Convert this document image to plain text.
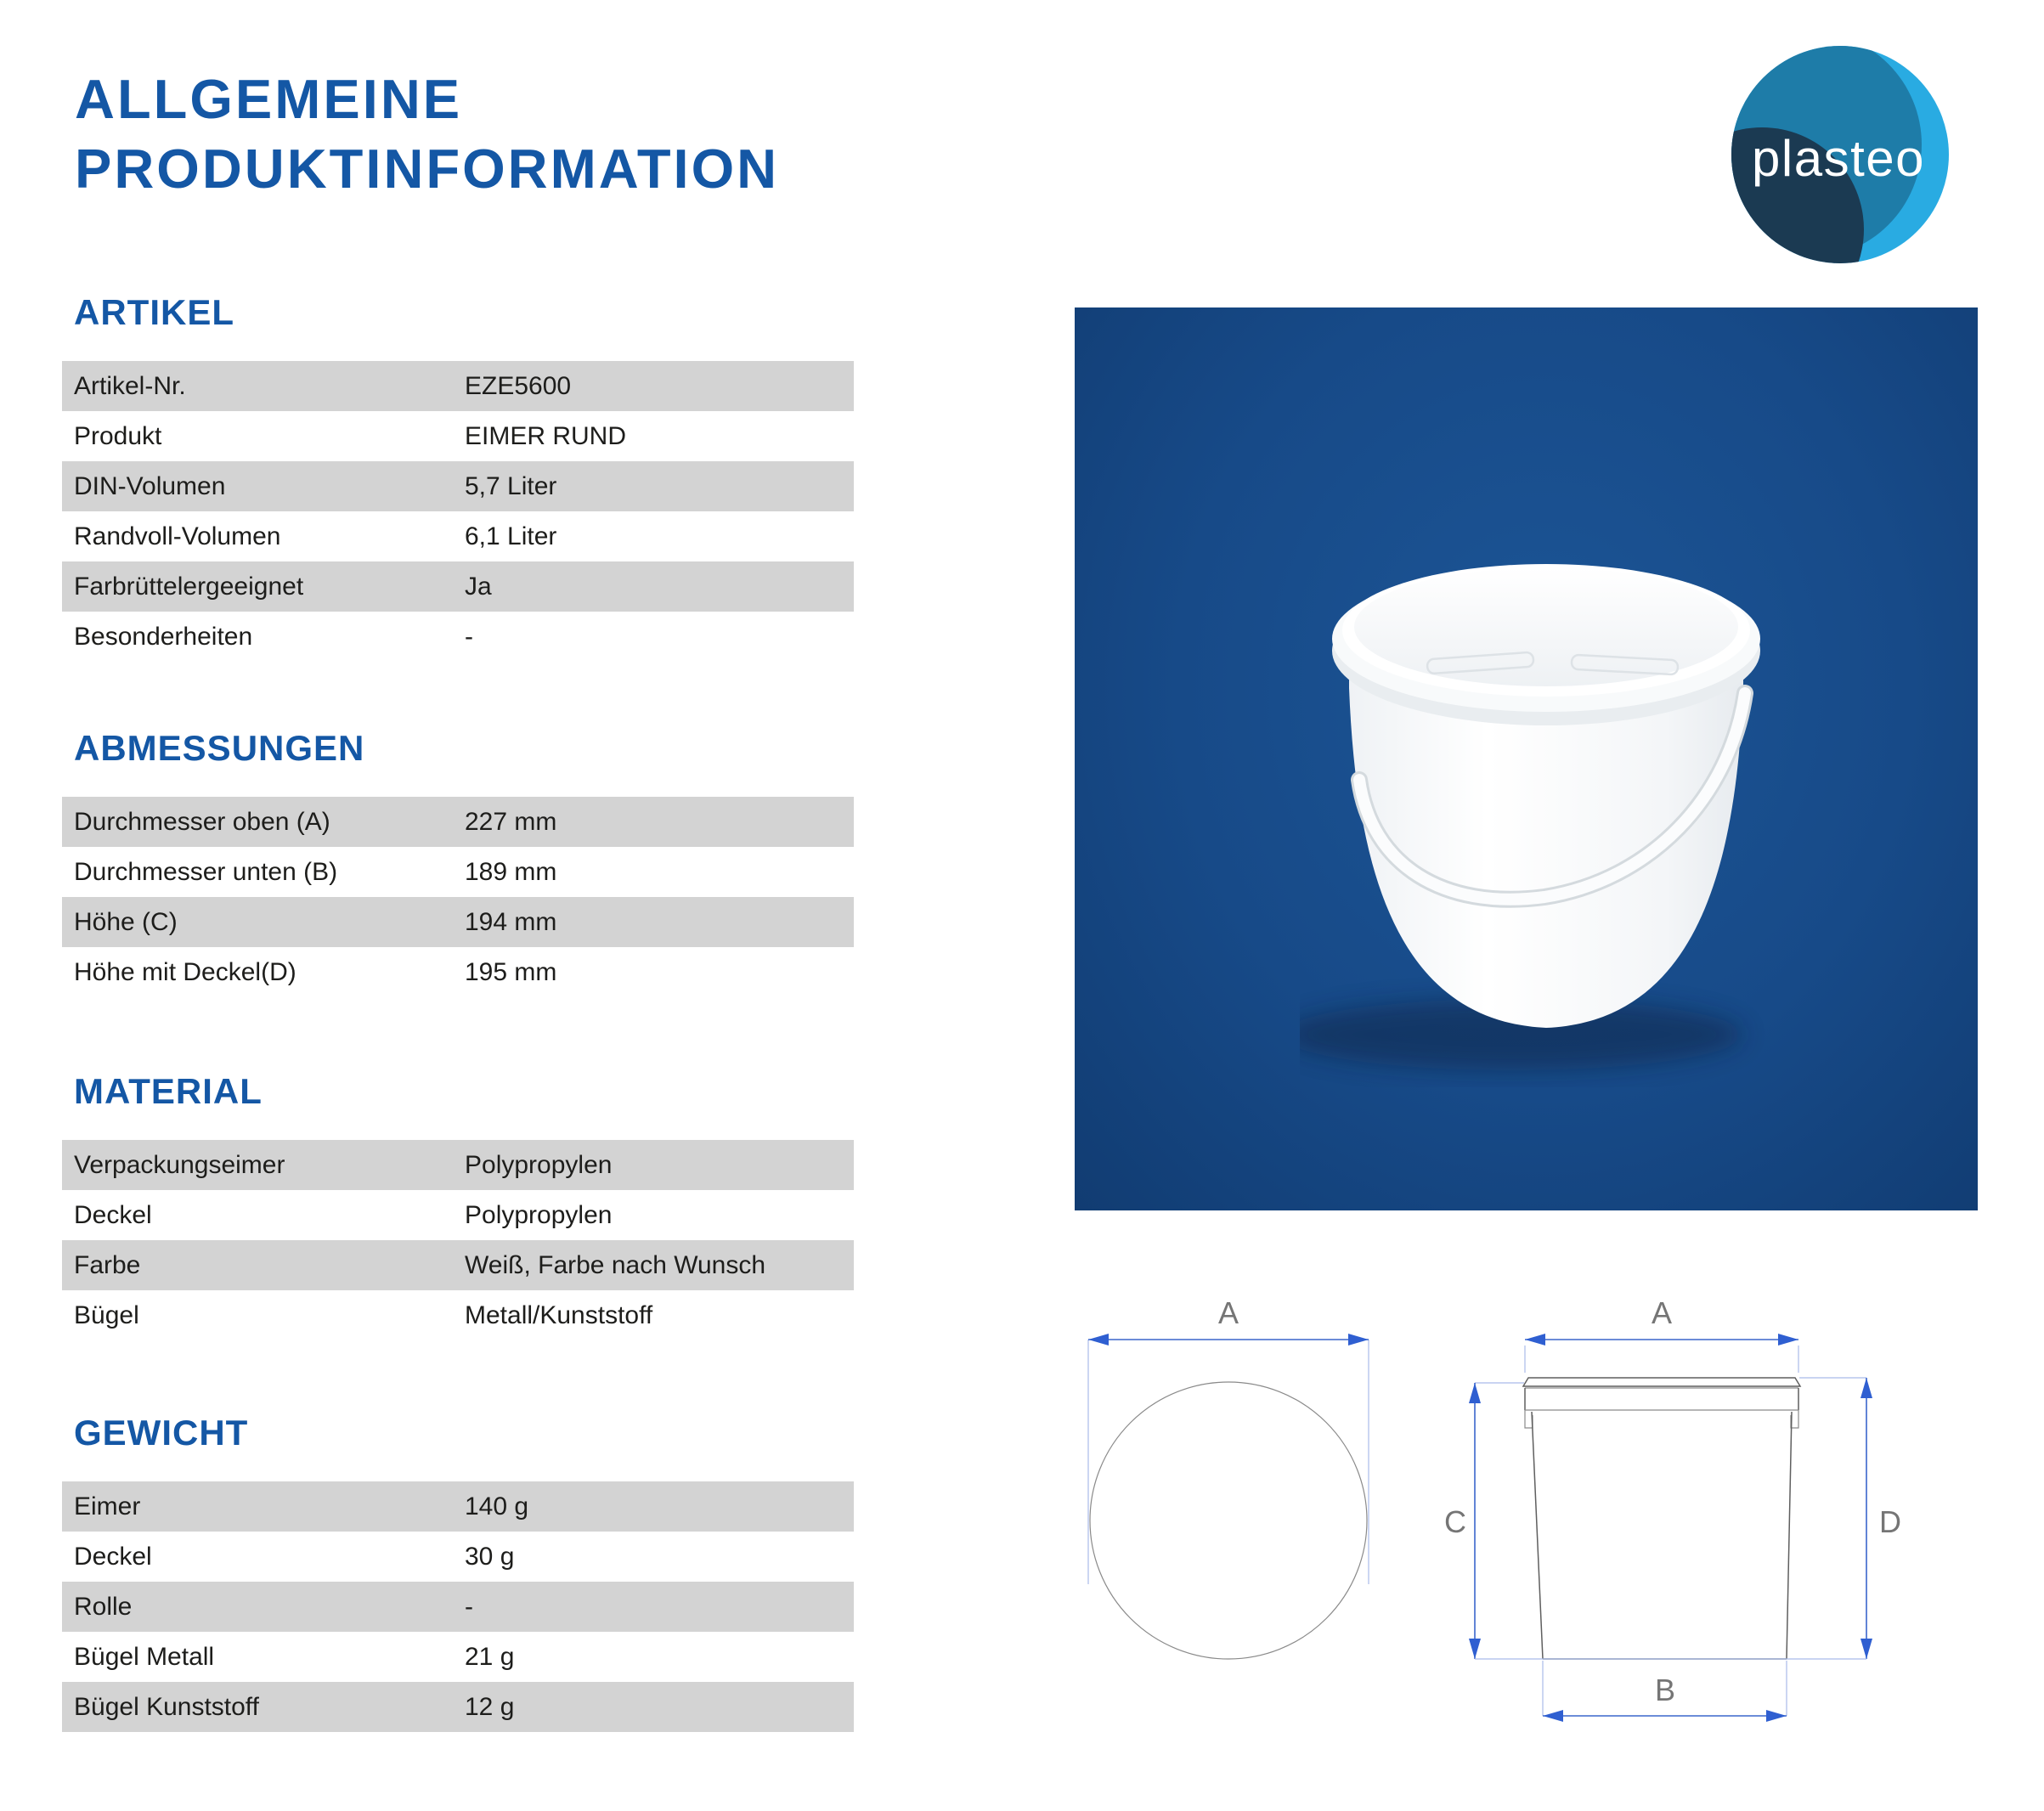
ALLGEMEINE
PRODUKTINFORMATION	plasteo
ARTIKEL
Artikel-Nr.	EZE5600
Produkt	EIMER RUND
DIN-Volumen	5,7 Liter
Randvoll-Volumen	6,1 Liter
Farbrüttelergeeignet	Ja
Besonderheiten	-
ABMESSUNGEN
Durchmesser oben (A)	227 mm
Durchmesser unten (B)	189 mm
Höhe (C)	194 mm
Höhe mit Deckel(D)	195 mm
MATERIAL
Verpackungseimer	Polypropylen
Deckel	Polypropylen
Farbe	Weiß, Farbe nach Wunsch
Bügel	Metall/Kunststoff
GEWICHT
Eimer	140 g
Deckel	30 g
Rolle	-
Bügel Metall	21 g
Bügel Kunststoff	12 g
A	A
C	D
B
